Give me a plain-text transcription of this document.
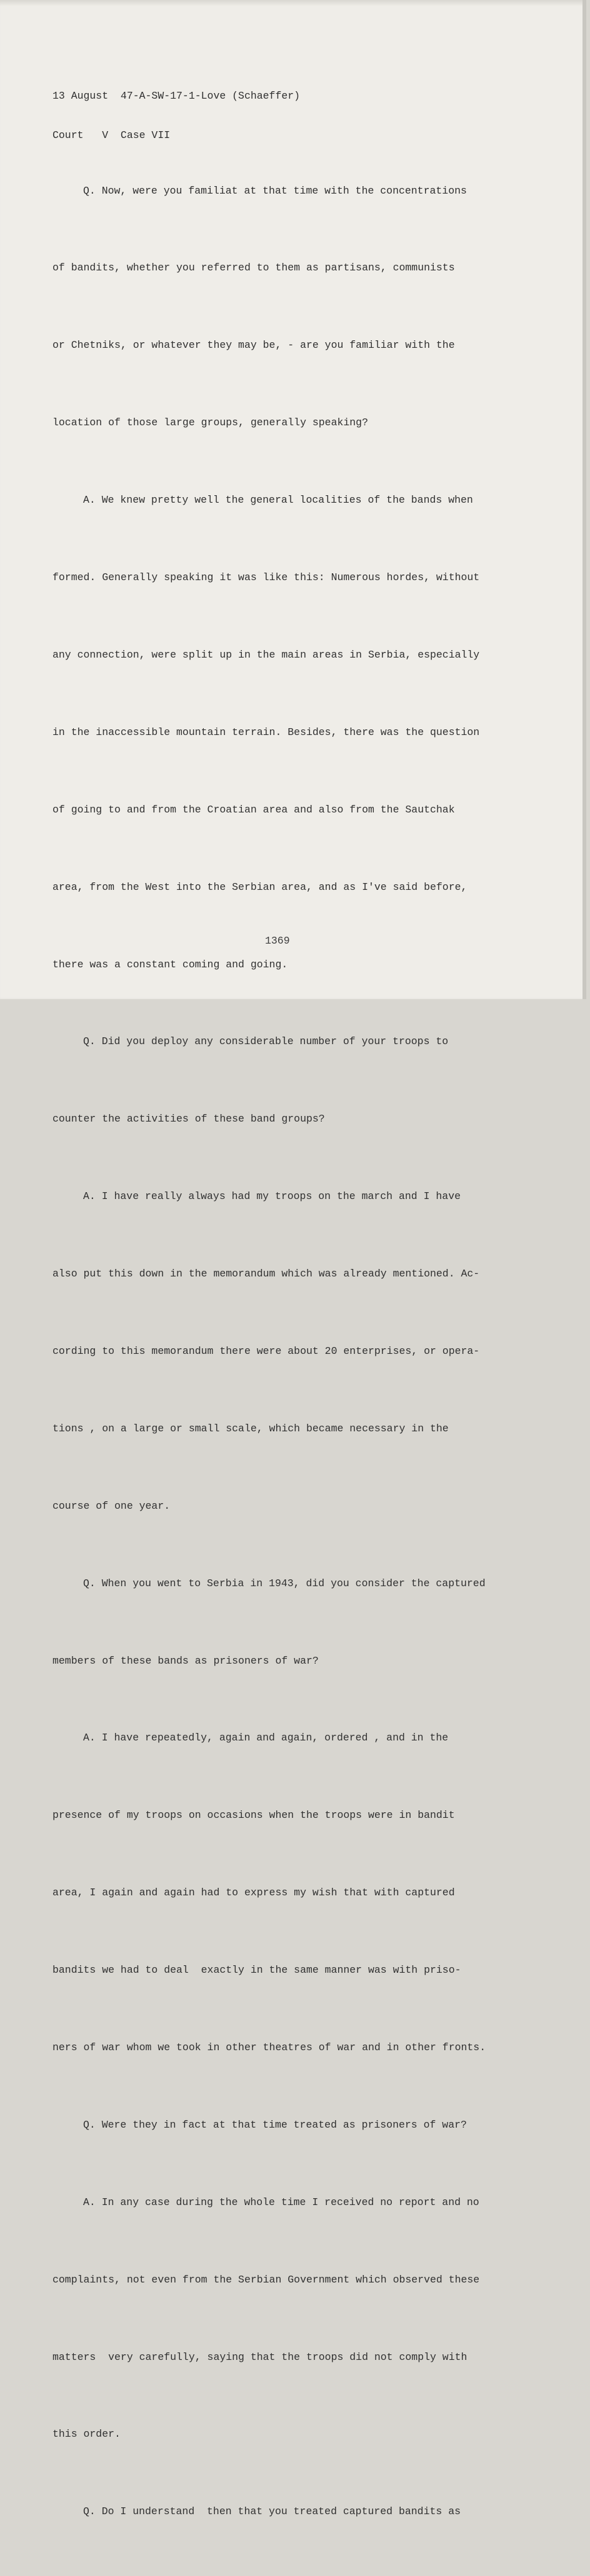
13 August  47-A-SW-17-1-Love (Schaeffer)

Court   V  Case VII

Q. Now, were you familiat at that time with the concentrations

of bandits, whether you referred to them as partisans, communists

or Chetniks, or whatever they may be, - are you familiar with the

location of those large groups, generally speaking?

A. We knew pretty well the general localities of the bands when

formed. Generally speaking it was like this: Numerous hordes, without

any connection, were split up in the main areas in Serbia, especially

in the inaccessible mountain terrain. Besides, there was the question

of going to and from the Croatian area and also from the Sautchak

area, from the West into the Serbian area, and as I've said before,

there was a constant coming and going.

Q. Did you deploy any considerable number of your troops to

counter the activities of these band groups?

A. I have really always had my troops on the march and I have

also put this down in the memorandum which was already mentioned. Ac-

cording to this memorandum there were about 20 enterprises, or opera-

tions , on a large or small scale, which became necessary in the

course of one year.

Q. When you went to Serbia in 1943, did you consider the captured

members of these bands as prisoners of war?

A. I have repeatedly, again and again, ordered , and in the

presence of my troops on occasions when the troops were in bandit

area, I again and again had to express my wish that with captured

bandits we had to deal  exactly in the same manner was with priso-

ners of war whom we took in other theatres of war and in other fronts.

Q. Were they in fact at that time treated as prisoners of war?

A. In any case during the whole time I received no report and no

complaints, not even from the Serbian Government which observed these

matters  very carefully, saying that the troops did not comply with

this order.

Q. Do I understand  then that you treated captured bandits as

1369
